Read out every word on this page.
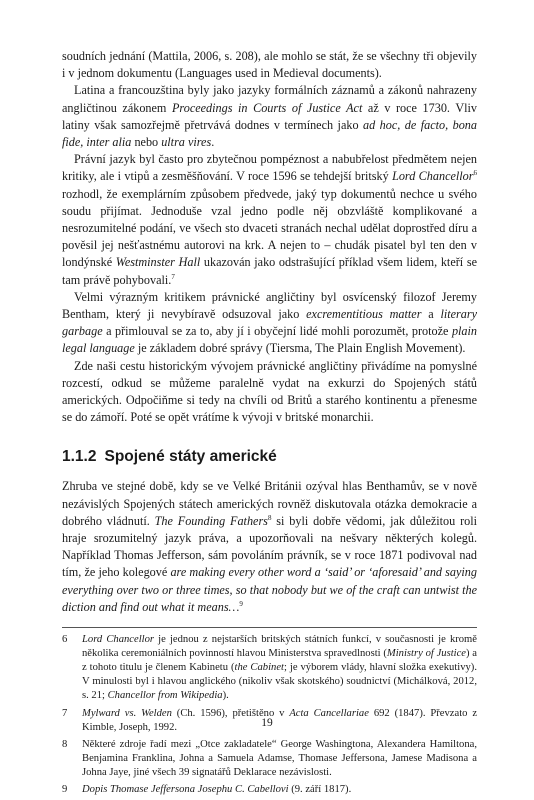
soudních jednání (Mattila, 2006, s. 208), ale mohlo se stát, že se všechny tři objevily i v jednom dokumentu (Languages used in Medieval documents).

Latina a francouzština byly jako jazyky formálních záznamů a zákonů nahrazeny angličtinou zákonem Proceedings in Courts of Justice Act až v roce 1730. Vliv latiny však samozřejmě přetrvává dodnes v termínech jako ad hoc, de facto, bona fide, inter alia nebo ultra vires.

Právní jazyk byl často pro zbytečnou pompéznost a nabubřelost předmětem nejen kritiky, ale i vtipů a zesměšňování. V roce 1596 se tehdejší britský Lord Chancellor$^6$ rozhodl, že exemplárním způsobem předvede, jaký typ dokumentů nechce u svého soudu přijímat. Jednoduše vzal jedno podle něj obzvláště komplikované a nesrozumitelné podání, ve všech sto dvaceti stranách nechal udělat doprostřed díru a pověsil jej nešťastnému autorovi na krk. A nejen to – chudák pisatel byl ten den v londýnské Westminster Hall ukazován jako odstrašující příklad všem lidem, kteří se tam právě pohybovali.$^7$

Velmi výrazným kritikem právnické angličtiny byl osvícenský filozof Jeremy Bentham, který ji nevybíravě odsuzoval jako excrementitious matter a literary garbage a přimlouval se za to, aby jí i obyčejní lidé mohli porozumět, protože plain legal language je základem dobré správy (Tiersma, The Plain English Movement).

Zde naši cestu historickým vývojem právnické angličtiny přivádíme na pomyslné rozcestí, odkud se můžeme paralelně vydat na exkurzi do Spojených států amerických. Odpočiňme si tedy na chvíli od Britů a starého kontinentu a přenesme se do zámoří. Poté se opět vrátíme k vývoji v britské monarchii.

1.1.2 Spojené státy americké

Zhruba ve stejné době, kdy se ve Velké Británii ozýval hlas Benthamův, se v nově nezávislých Spojených státech amerických rovněž diskutovala otázka demokracie a dobrého vládnutí. The Founding Fathers$^8$ si byli dobře vědomi, jak důležitou roli hraje srozumitelný jazyk práva, a upozorňovali na nešvary některých kolegů. Například Thomas Jefferson, sám povoláním právník, se v roce 1871 podivoval nad tím, že jeho kolegové are making every other word a ‘said’ or ‘aforesaid’ and saying everything over two or three times, so that nobody but we of the craft can untwist the diction and find out what it means…$^9$

6	Lord Chancellor je jednou z nejstarších britských státních funkcí, v současnosti je kromě několika ceremoniálních povinností hlavou Ministerstva spravedlnosti (Ministry of Justice) a z tohoto titulu je členem Kabinetu (the Cabinet; je výborem vlády, hlavní složka exekutivy). V minulosti byl i hlavou anglického (nikoliv však skotského) soudnictví (Michálková, 2012, s. 21; Chancellor from Wikipedia).
7	Mylward vs. Welden (Ch. 1596), přetištěno v Acta Cancellariae 692 (1847). Převzato z Kimble, Joseph, 1992.
8	Některé zdroje řadí mezi „Otce zakladatele“ George Washingtona, Alexandera Hamiltona, Benjamina Franklina, Johna a Samuela Adamse, Thomase Jeffersona, Jamese Madisona a Johna Jaye, jiné všech 39 signatářů Deklarace nezávislosti.
9	Dopis Thomase Jeffersona Josephu C. Cabellovi (9. září 1817).
19
